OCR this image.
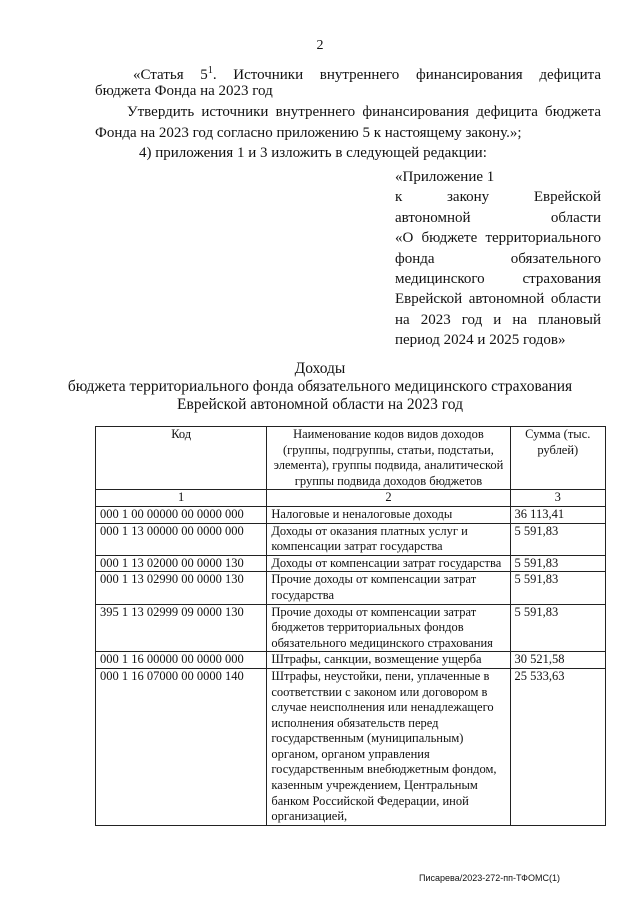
2
«Статья $5^1$. Источники внутреннего финансирования дефицита
бюджета Фонда на 2023 год
Утвердить источники внутреннего финансирования дефицита бюджета
Фонда на 2023 год согласно приложению 5 к настоящему закону.»;
4) приложения 1 и 3 изложить в следующей редакции:
«Приложение 1
к закону Еврейской
автономной области
«О бюджете территориального
фонда обязательного
медицинского страхования
Еврейской автономной области
на 2023 год и на плановый
период 2024 и 2025 годов»
Доходы
бюджета территориального фонда обязательного медицинского страхования
Еврейской автономной области на 2023 год
Код	Наименование кодов видов доходов (группы, подгруппы, статьи, подстатьи, элемента), группы подвида, аналитической группы подвида доходов бюджетов	Сумма (тыс. рублей)
1	2	3
000 1 00 00000 00 0000 000	Налоговые и неналоговые доходы	36 113,41
000 1 13 00000 00 0000 000	Доходы от оказания платных услуг и компенсации затрат государства	5 591,83
000 1 13 02000 00 0000 130	Доходы от компенсации затрат государства	5 591,83
000 1 13 02990 00 0000 130	Прочие доходы от компенсации затрат государства	5 591,83
395 1 13 02999 09 0000 130	Прочие доходы от компенсации затрат бюджетов территориальных фондов обязательного медицинского страхования	5 591,83
000 1 16 00000 00 0000 000	Штрафы, санкции, возмещение ущерба	30 521,58
000 1 16 07000 00 0000 140	Штрафы, неустойки, пени, уплаченные в соответствии с законом или договором в случае неисполнения или ненадлежащего исполнения обязательств перед государственным (муниципальным) органом, органом управления государственным внебюджетным фондом, казенным учреждением, Центральным банком Российской Федерации, иной организацией,	25 533,63
Писарева/2023-272-пп-ТФОМС(1)
